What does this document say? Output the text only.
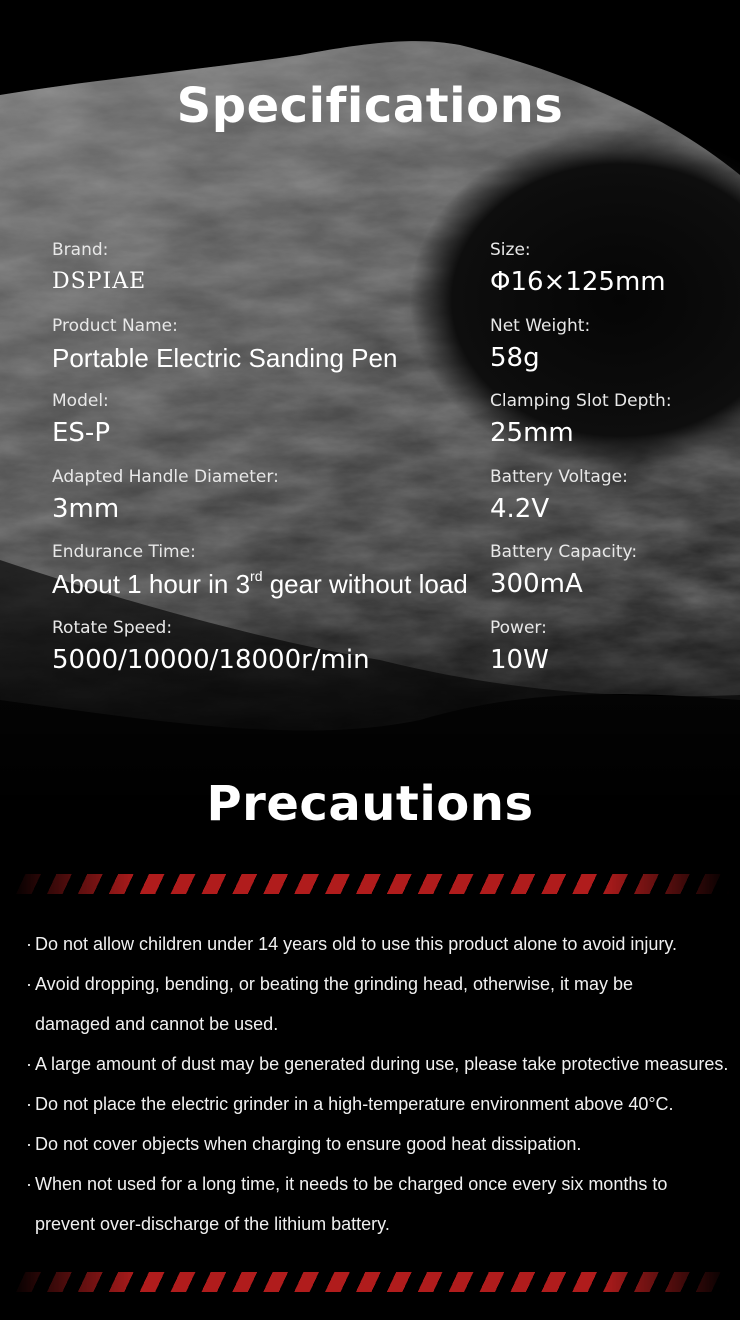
Specifications
Brand:
DSPIAE
Product Name:
Portable Electric Sanding Pen
Model:
ES-P
Adapted Handle Diameter:
3mm
Endurance Time:
About 1 hour in 3rd gear without load
Rotate Speed:
5000/10000/18000r/min
Size:
Φ16×125mm
Net Weight:
58g
Clamping Slot Depth:
25mm
Battery Voltage:
4.2V
Battery Capacity:
300mA
Power:
10W
Precautions
· Do not allow children under 14 years old to use this product alone to avoid injury.
· Avoid dropping, bending, or beating the grinding head, otherwise, it may be
damaged and cannot be used.
· A large amount of dust may be generated during use, please take protective measures.
· Do not place the electric grinder in a high-temperature environment above 40°C.
· Do not cover objects when charging to ensure good heat dissipation.
· When not used for a long time, it needs to be charged once every six months to
prevent over-discharge of the lithium battery.
